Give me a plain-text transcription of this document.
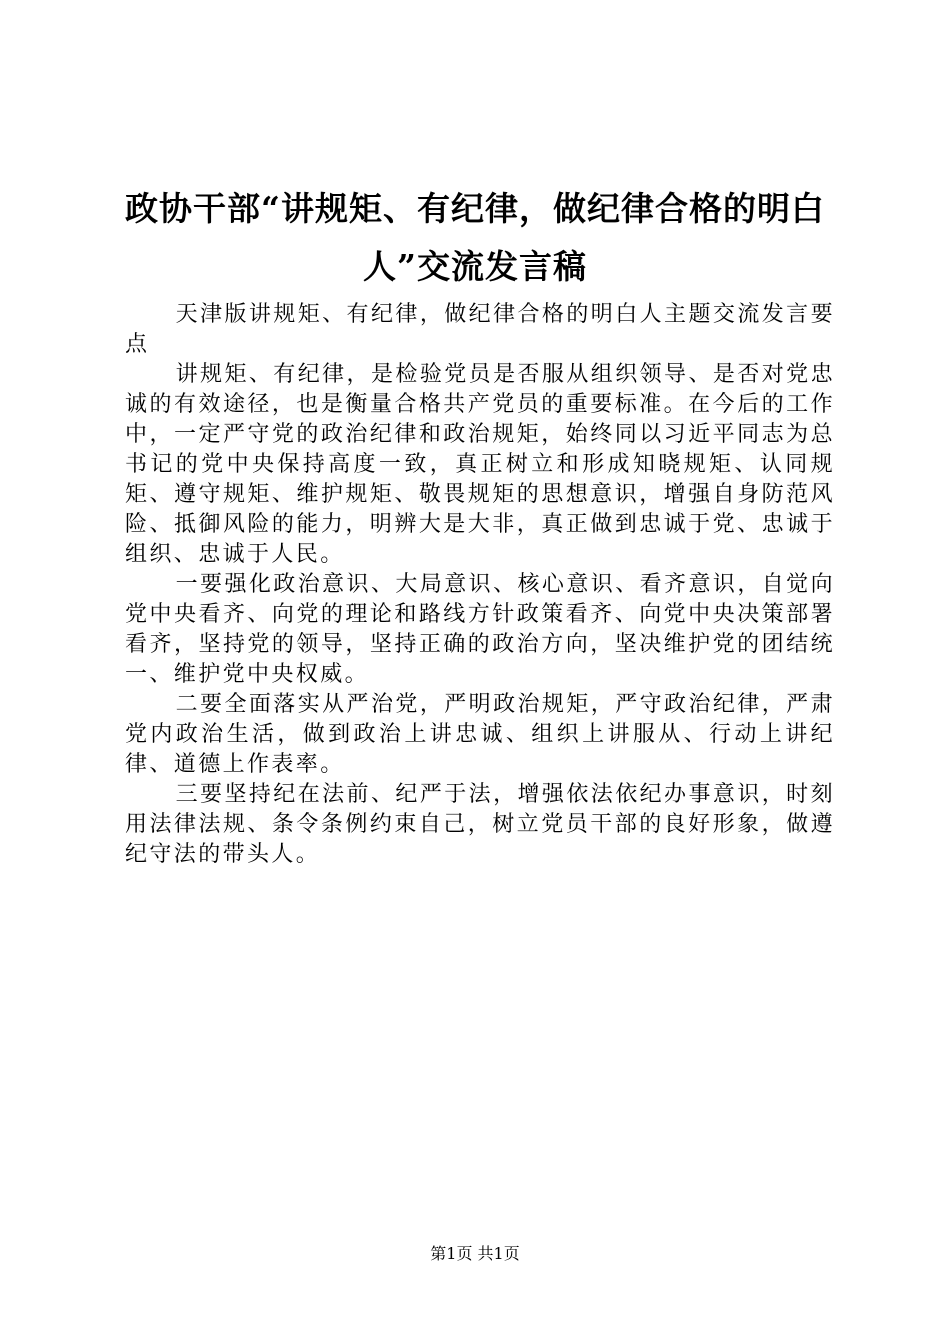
政协干部“讲规矩、有纪律，做纪律合格的明白人”交流发言稿

天津版讲规矩、有纪律，做纪律合格的明白人主题交流发言要点

讲规矩、有纪律，是检验党员是否服从组织领导、是否对党忠诚的有效途径，也是衡量合格共产党员的重要标准。在今后的工作中，一定严守党的政治纪律和政治规矩，始终同以习近平同志为总书记的党中央保持高度一致，真正树立和形成知晓规矩、认同规矩、遵守规矩、维护规矩、敬畏规矩的思想意识，增强自身防范风险、抵御风险的能力，明辨大是大非，真正做到忠诚于党、忠诚于组织、忠诚于人民。

一要强化政治意识、大局意识、核心意识、看齐意识，自觉向党中央看齐、向党的理论和路线方针政策看齐、向党中央决策部署看齐，坚持党的领导，坚持正确的政治方向，坚决维护党的团结统一、维护党中央权威。

二要全面落实从严治党，严明政治规矩，严守政治纪律，严肃党内政治生活，做到政治上讲忠诚、组织上讲服从、行动上讲纪律、道德上作表率。

三要坚持纪在法前、纪严于法，增强依法依纪办事意识，时刻用法律法规、条令条例约束自己，树立党员干部的良好形象，做遵纪守法的带头人。

第1页 共1页
